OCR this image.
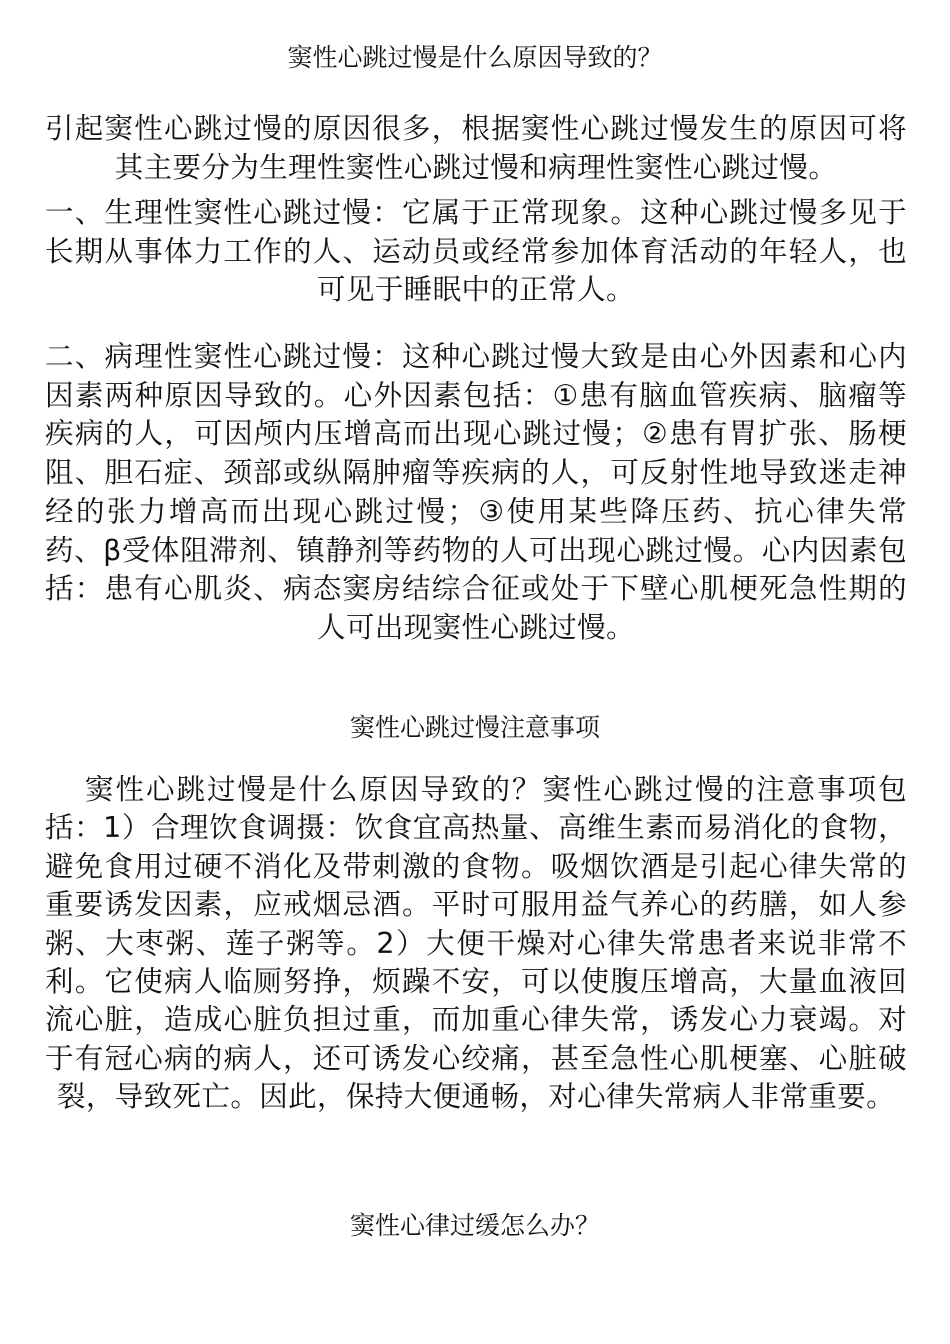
窦性心跳过慢是什么原因导致的？

引起窦性心跳过慢的原因很多，根据窦性心跳过慢发生的原因可将其主要分为生理性窦性心跳过慢和病理性窦性心跳过慢。

一、生理性窦性心跳过慢：它属于正常现象。这种心跳过慢多见于长期从事体力工作的人、运动员或经常参加体育活动的年轻人，也可见于睡眠中的正常人。

二、病理性窦性心跳过慢：这种心跳过慢大致是由心外因素和心内因素两种原因导致的。心外因素包括：①患有脑血管疾病、脑瘤等疾病的人，可因颅内压增高而出现心跳过慢；②患有胃扩张、肠梗阻、胆石症、颈部或纵隔肿瘤等疾病的人，可反射性地导致迷走神经的张力增高而出现心跳过慢；③使用某些降压药、抗心律失常药、β受体阻滞剂、镇静剂等药物的人可出现心跳过慢。心内因素包括：患有心肌炎、病态窦房结综合征或处于下壁心肌梗死急性期的人可出现窦性心跳过慢。

窦性心跳过慢注意事项

窦性心跳过慢是什么原因导致的？窦性心跳过慢的注意事项包括：1）合理饮食调摄：饮食宜高热量、高维生素而易消化的食物，避免食用过硬不消化及带刺激的食物。吸烟饮酒是引起心律失常的重要诱发因素，应戒烟忌酒。平时可服用益气养心的药膳，如人参粥、大枣粥、莲子粥等。2）大便干燥对心律失常患者来说非常不利。它使病人临厕努挣，烦躁不安，可以使腹压增高，大量血液回流心脏，造成心脏负担过重，而加重心律失常，诱发心力衰竭。对于有冠心病的病人，还可诱发心绞痛，甚至急性心肌梗塞、心脏破裂，导致死亡。因此，保持大便通畅，对心律失常病人非常重要。

窦性心律过缓怎么办？
